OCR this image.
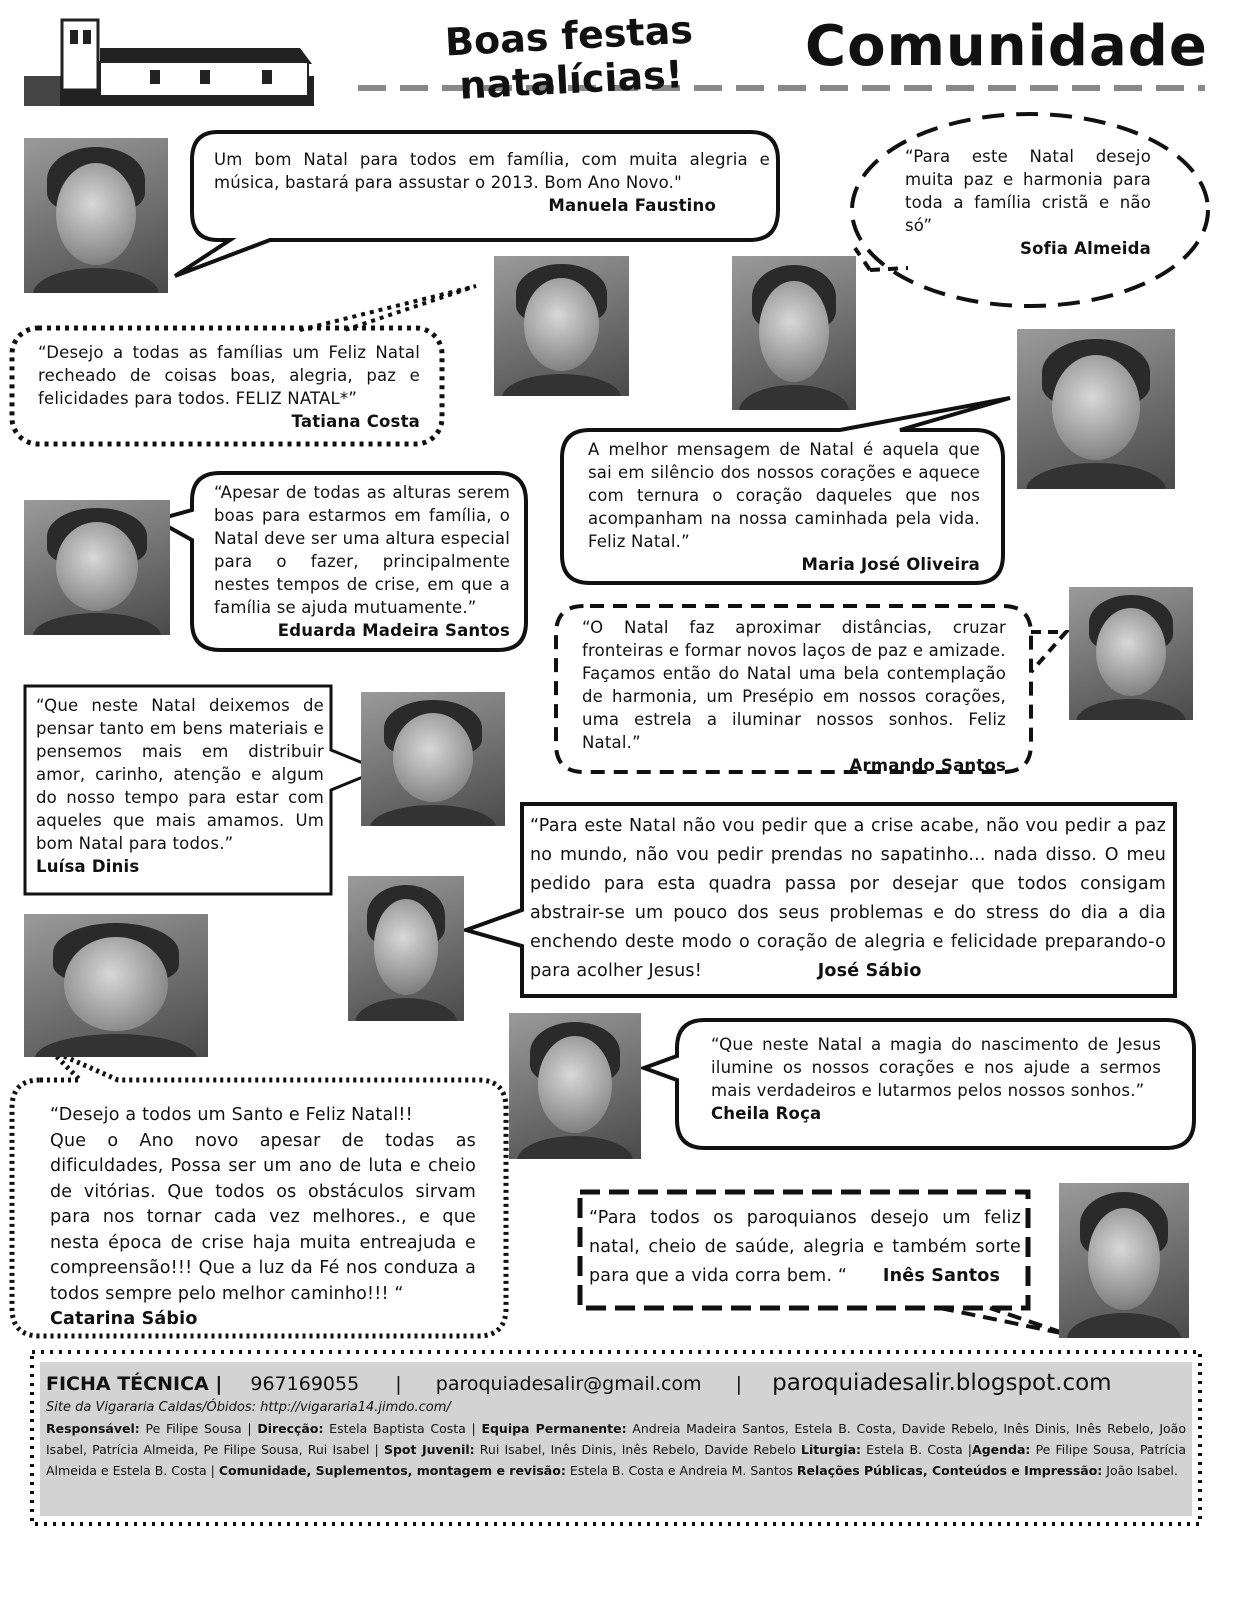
Boas festas
natalícias!
Comunidade
Um bom Natal para todos em família, com muita alegria e música, bastará para assustar o 2013. Bom Ano Novo."
Manuela Faustino
“Para este Natal desejo muita paz e harmonia para toda a família cristã e não só”
Sofia Almeida
“Desejo a todas as famílias um Feliz Natal recheado de coisas boas, alegria, paz e felicidades para todos. FELIZ NATAL*”
Tatiana Costa
A melhor mensagem de Natal é aquela que sai em silêncio dos nossos corações e aquece com ternura o coração daqueles que nos acompanham na nossa caminhada pela vida. Feliz Natal.”
Maria José Oliveira
“Apesar de todas as alturas serem boas para estarmos em família, o Natal deve ser uma altura especial para o fazer, principalmente nestes tempos de crise, em que a família se ajuda mutuamente.”
Eduarda Madeira Santos	“O Natal faz aproximar distâncias, cruzar fronteiras e formar novos laços de paz e amizade.
Façamos então do Natal uma bela contemplação de harmonia, um Presépio em nossos corações, uma estrela a iluminar nossos sonhos. Feliz Natal.”
Armando Santos
“Que neste Natal deixemos de pensar tanto em bens materiais e pensemos mais em distribuir amor, carinho, atenção e algum do nosso tempo para estar com aqueles que mais amamos. Um bom Natal para todos.”
Luísa Dinis
“Para este Natal não vou pedir que a crise acabe, não vou pedir a paz no mundo, não vou pedir prendas no sapatinho... nada disso. O meu pedido para esta quadra passa por desejar que todos consigam abstrair-se um pouco dos seus problemas e do stress do dia a dia enchendo deste modo o coração de alegria e felicidade preparando-o para acolher Jesus!	José Sábio
“Que neste Natal a magia do nascimento de Jesus ilumine os nossos corações e nos ajude a sermos mais verdadeiros e lutarmos pelos nossos sonhos.”
Cheila Roça
“Desejo a todos um Santo e Feliz Natal!!
Que o Ano novo apesar de todas as dificuldades, Possa ser um ano de luta e cheio de vitórias. Que todos os obstáculos sirvam para nos tornar cada vez melhores., e que nesta época de crise haja muita entreajuda e compreensão!!! Que a luz da Fé nos conduza a todos sempre pelo melhor caminho!!! “
Catarina Sábio
“Para todos os paroquianos desejo um feliz natal, cheio de saúde, alegria e também sorte para que a vida corra bem. “ Inês Santos
FICHA TÉCNICA | 967169055 | paroquiadesalir@gmail.com | paroquiadesalir.blogspot.com
Site da Vigararia Caldas/Óbidos: http://vigararia14.jimdo.com/
Responsável: Pe Filipe Sousa | Direcção: Estela Baptista Costa | Equipa Permanente: Andreia Madeira Santos, Estela B. Costa, Davide Rebelo, Inês Dinis, Inês Rebelo, João Isabel, Patrícia Almeida, Pe Filipe Sousa, Rui Isabel | Spot Juvenil: Rui Isabel, Inês Dinis, Inês Rebelo, Davide Rebelo Liturgia: Estela B. Costa |Agenda: Pe Filipe Sousa, Patrícia Almeida e Estela B. Costa | Comunidade, Suplementos, montagem e revisão: Estela B. Costa e Andreia M. Santos Relações Públicas, Conteúdos e Impressão: João Isabel.
